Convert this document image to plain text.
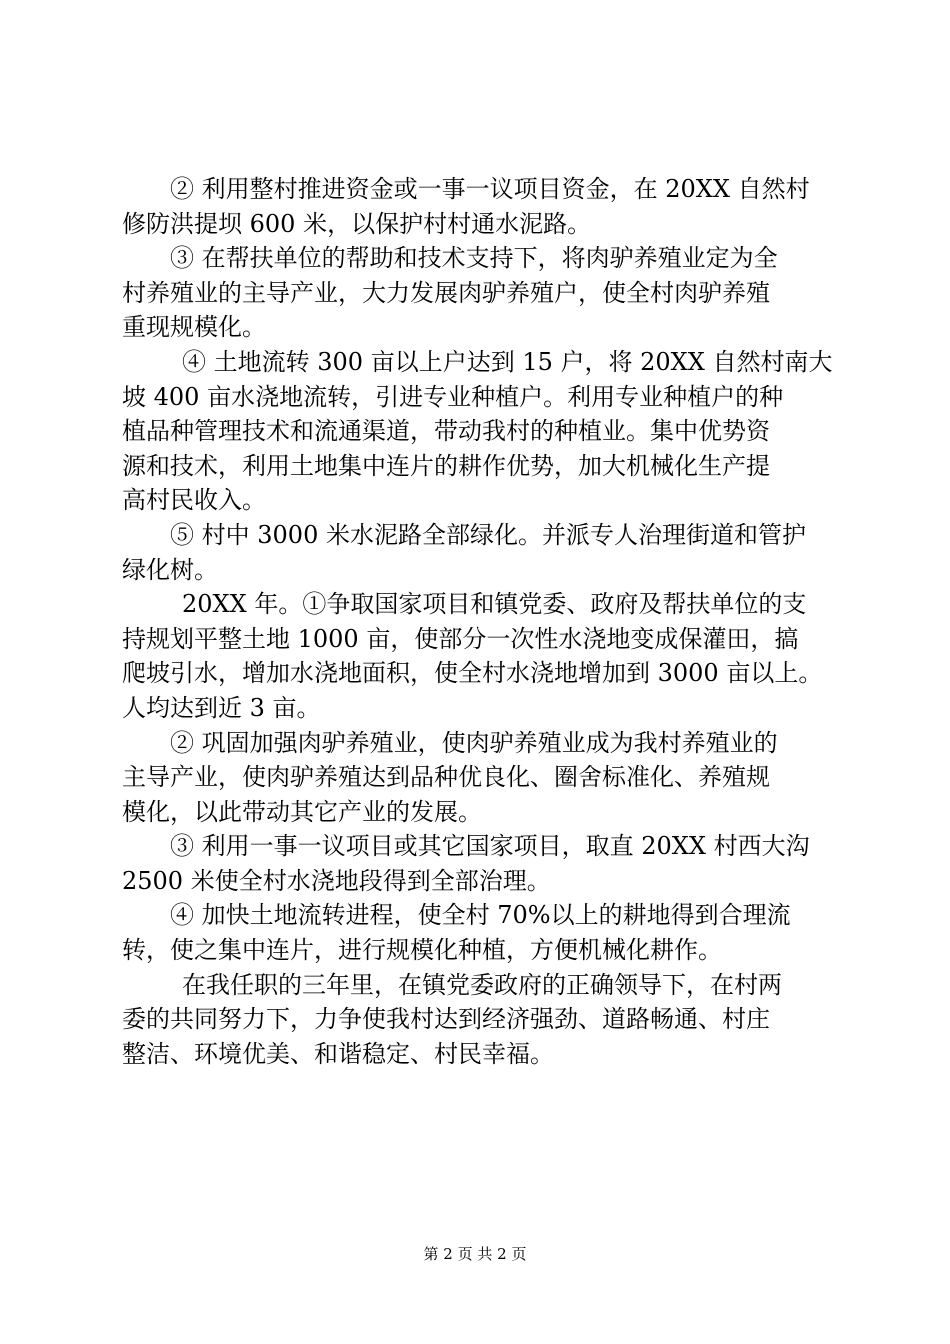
② 利用整村推进资金或一事一议项目资金，在 20XX 自然村
修防洪提坝 600 米，以保护村村通水泥路。
③ 在帮扶单位的帮助和技术支持下，将肉驴养殖业定为全
村养殖业的主导产业，大力发展肉驴养殖户，使全村肉驴养殖
重现规模化。
④ 土地流转 300 亩以上户达到 15 户，将 20XX 自然村南大
坡 400 亩水浇地流转，引进专业种植户。利用专业种植户的种
植品种管理技术和流通渠道，带动我村的种植业。集中优势资
源和技术，利用土地集中连片的耕作优势，加大机械化生产提
高村民收入。
⑤ 村中 3000 米水泥路全部绿化。并派专人治理街道和管护
绿化树。
20XX 年。①争取国家项目和镇党委、政府及帮扶单位的支
持规划平整土地 1000 亩，使部分一次性水浇地变成保灌田，搞
爬坡引水，增加水浇地面积，使全村水浇地增加到 3000 亩以上。
人均达到近 3 亩。
② 巩固加强肉驴养殖业，使肉驴养殖业成为我村养殖业的
主导产业，使肉驴养殖达到品种优良化、圈舍标准化、养殖规
模化，以此带动其它产业的发展。
③ 利用一事一议项目或其它国家项目，取直 20XX 村西大沟
2500 米使全村水浇地段得到全部治理。
④ 加快土地流转进程，使全村 70%以上的耕地得到合理流
转，使之集中连片，进行规模化种植，方便机械化耕作。
在我任职的三年里，在镇党委政府的正确领导下，在村两
委的共同努力下，力争使我村达到经济强劲、道路畅通、村庄
整洁、环境优美、和谐稳定、村民幸福。
第 2 页 共 2 页
